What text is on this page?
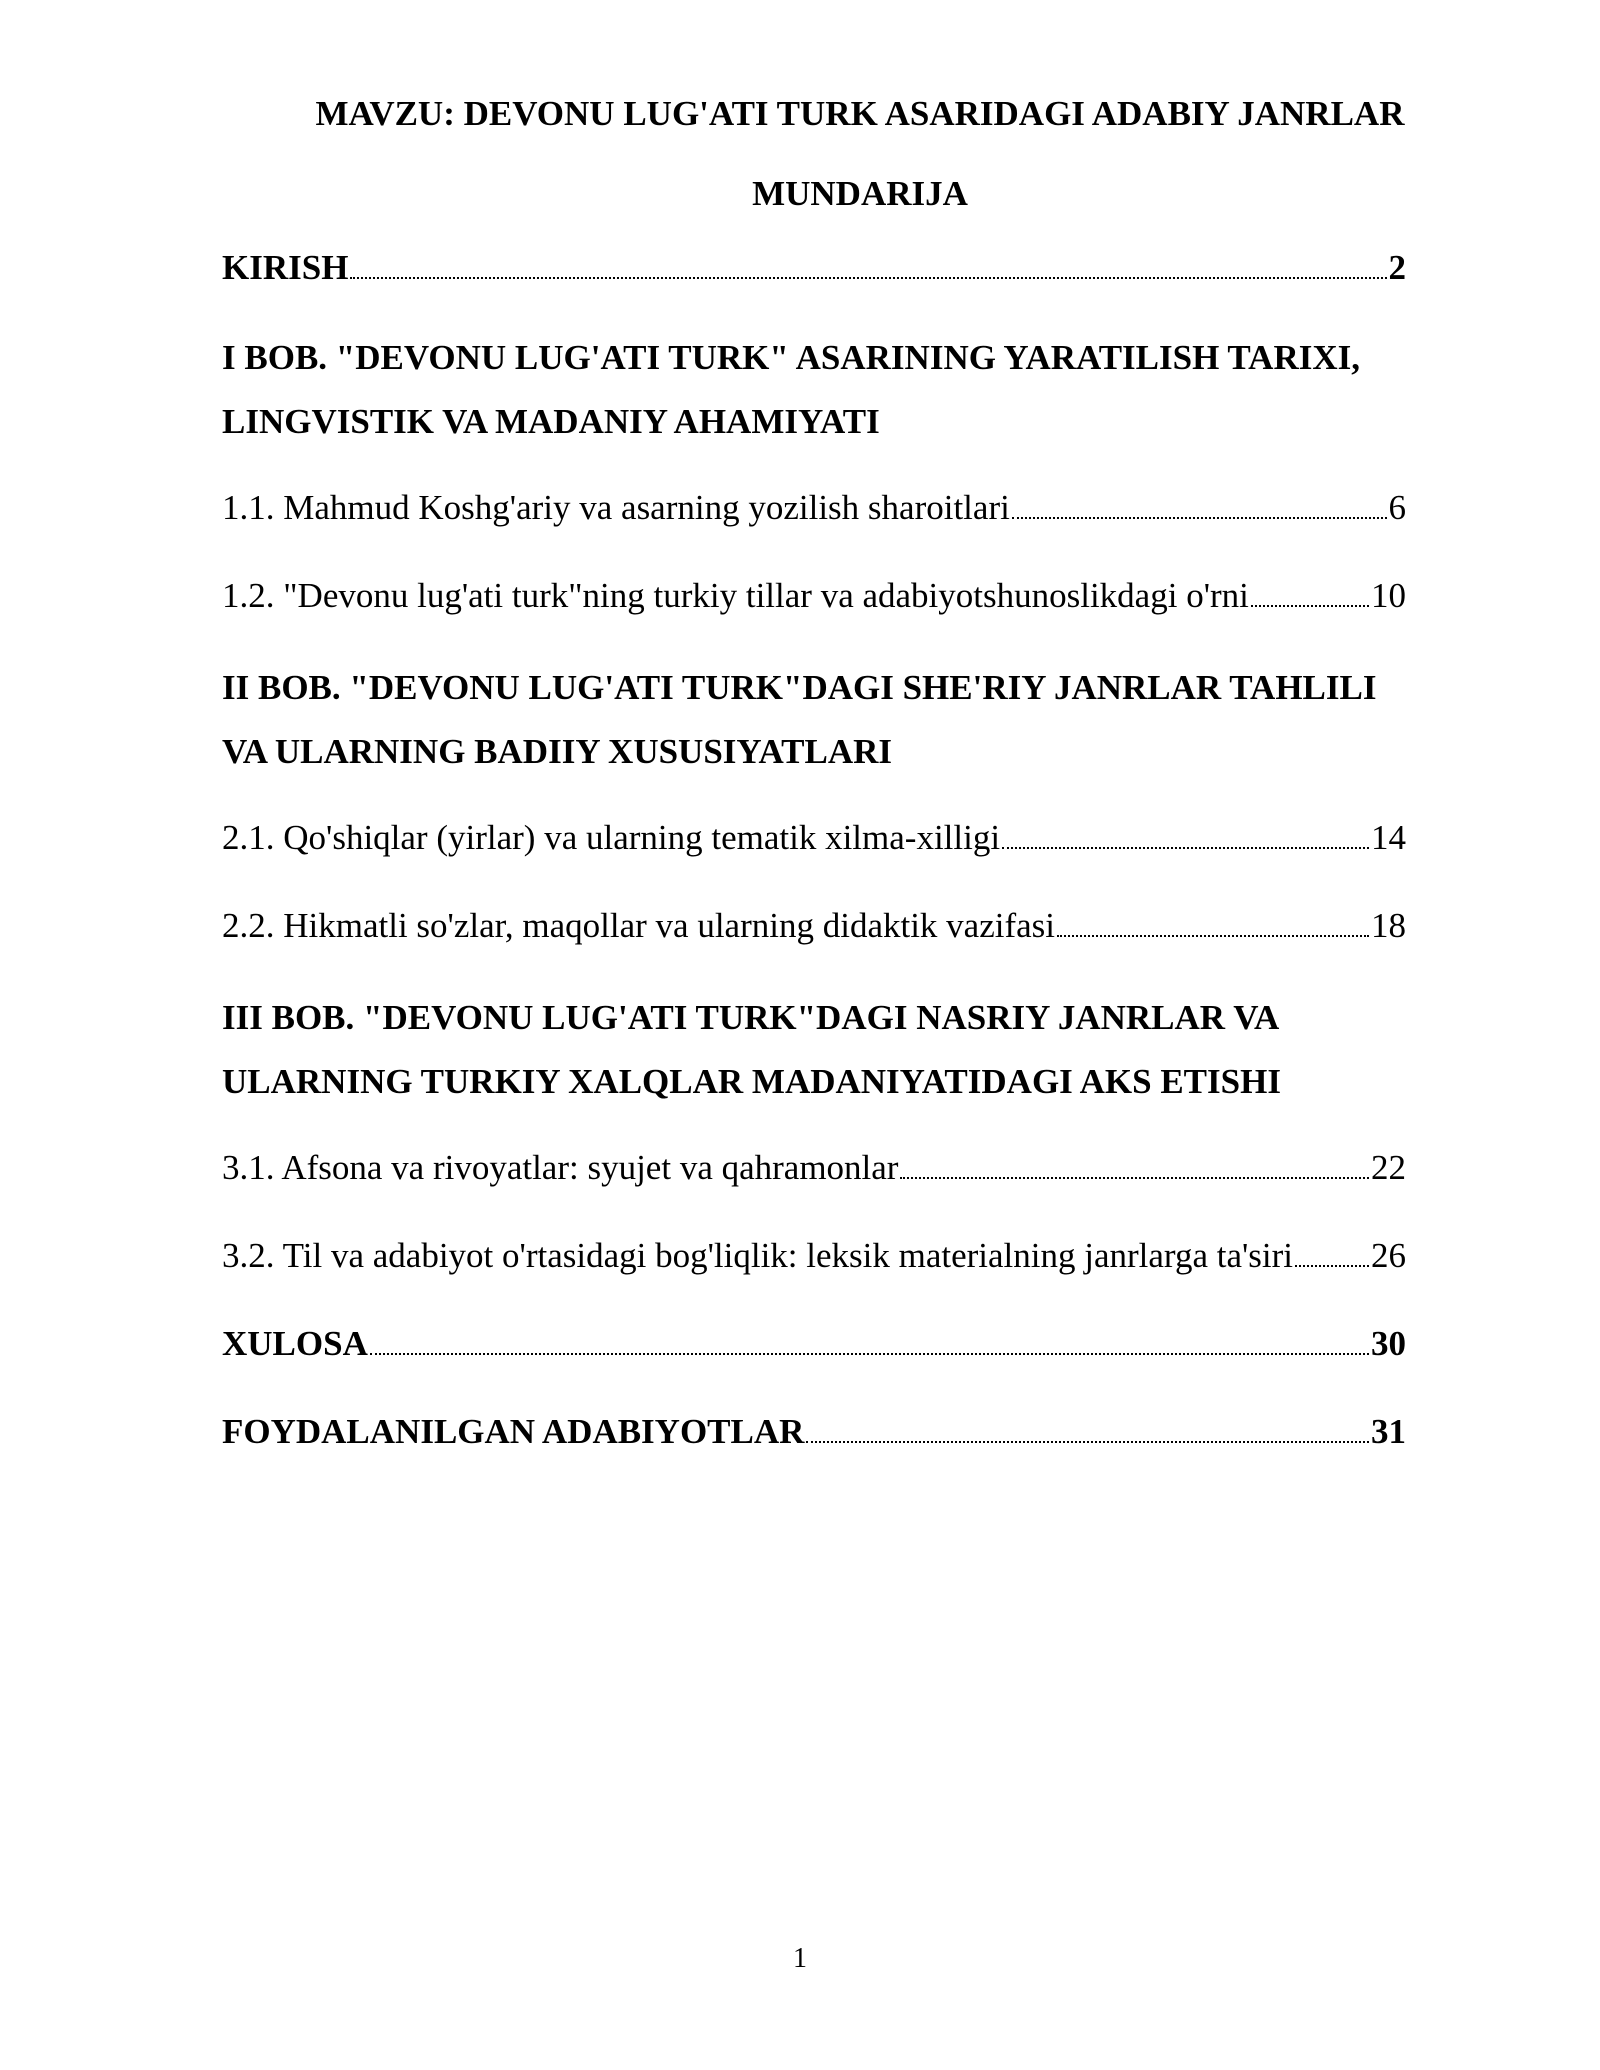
MAVZU: DEVONU LUG'ATI TURK ASARIDAGI ADABIY JANRLAR
MUNDARIJA
KIRISH	2
I BOB. "DEVONU LUG'ATI TURK" ASARINING YARATILISH TARIXI,
LINGVISTIK VA MADANIY AHAMIYATI
1.1. Mahmud Koshg'ariy va asarning yozilish sharoitlari	6
1.2. "Devonu lug'ati turk"ning turkiy tillar va adabiyotshunoslikdagi o'rni	10
II BOB. "DEVONU LUG'ATI TURK"DAGI SHE'RIY JANRLAR TAHLILI
VA ULARNING BADIIY XUSUSIYATLARI
2.1. Qo'shiqlar (yirlar) va ularning tematik xilma-xilligi	14
2.2. Hikmatli so'zlar, maqollar va ularning didaktik vazifasi	18
III BOB. "DEVONU LUG'ATI TURK"DAGI NASRIY JANRLAR VA
ULARNING TURKIY XALQLAR MADANIYATIDAGI AKS ETISHI
3.1. Afsona va rivoyatlar: syujet va qahramonlar	22
3.2. Til va adabiyot o'rtasidagi bog'liqlik: leksik materialning janrlarga ta'siri 26
XULOSA	30
FOYDALANILGAN ADABIYOTLAR	31
1
